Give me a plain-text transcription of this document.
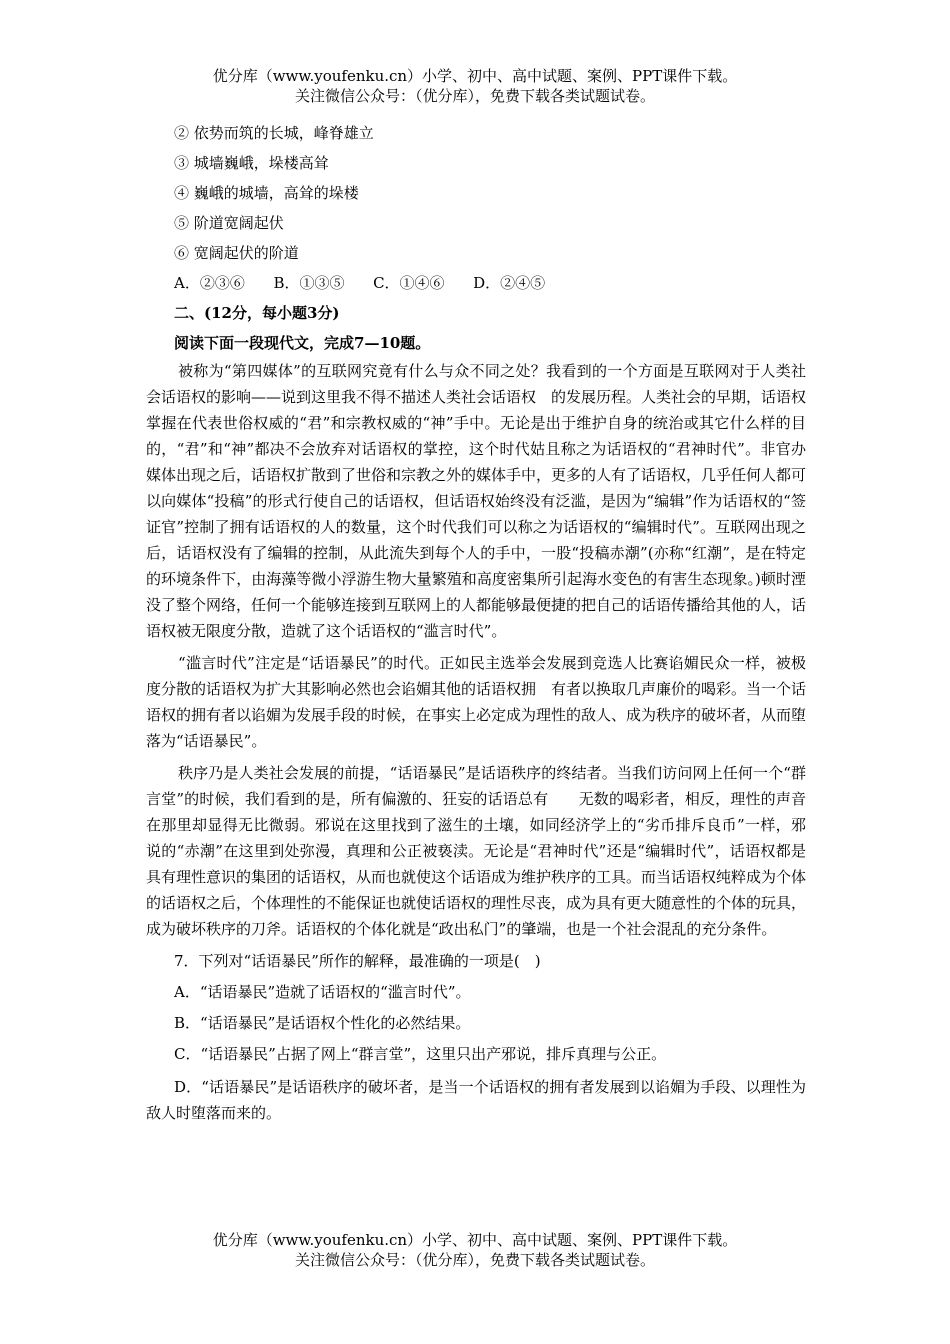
优分库（www.youfenku.cn）小学、初中、高中试题、案例、PPT课件下载。
关注微信公众号：（优分库），免费下载各类试题试卷。
② 依势而筑的长城，峰脊雄立
③ 城墙巍峨，垛楼高耸
④ 巍峨的城墙，高耸的垛楼
⑤ 阶道宽阔起伏
⑥ 宽阔起伏的阶道
A．②③⑥      B．①③⑤      C．①④⑥      D．②④⑤
二、(12分，每小题3分)
阅读下面一段现代文，完成7—10题。

被称为“第四媒体”的互联网究竟有什么与众不同之处？我看到的一个方面是互联网对于人类社会话语权的影响——说到这里我不得不描述人类社会话语权　的发展历程。人类社会的早期，话语权掌握在代表世俗权威的“君”和宗教权威的“神”手中。无论是出于维护自身的统治或其它什么样的目的，“君”和“神”都决不会放弃对话语权的掌控，这个时代姑且称之为话语权的“君神时代”。非官办媒体出现之后，话语权扩散到了世俗和宗教之外的媒体手中，更多的人有了话语权，几乎任何人都可以向媒体“投稿”的形式行使自己的话语权，但话语权始终没有泛滥，是因为“编辑”作为话语权的“签证官”控制了拥有话语权的人的数量，这个时代我们可以称之为话语权的“编辑时代”。互联网出现之后，话语权没有了编辑的控制，从此流失到每个人的手中，一股“投稿赤潮”(亦称“红潮”，是在特定的环境条件下，由海藻等微小浮游生物大量繁殖和高度密集所引起海水变色的有害生态现象。)顿时湮没了整个网络，任何一个能够连接到互联网上的人都能够最便捷的把自己的话语传播给其他的人，话语权被无限度分散，造就了这个话语权的“滥言时代”。

“滥言时代”注定是“话语暴民”的时代。正如民主选举会发展到竞选人比赛谄媚民众一样，被极度分散的话语权为扩大其影响必然也会谄媚其他的话语权拥　有者以换取几声廉价的喝彩。当一个话语权的拥有者以谄媚为发展手段的时候，在事实上必定成为理性的敌人、成为秩序的破坏者，从而堕落为“话语暴民”。

秩序乃是人类社会发展的前提，“话语暴民”是话语秩序的终结者。当我们访问网上任何一个“群言堂”的时候，我们看到的是，所有偏激的、狂妄的话语总有　　无数的喝彩者，相反，理性的声音在那里却显得无比微弱。邪说在这里找到了滋生的土壤，如同经济学上的“劣币排斥良币”一样，邪说的“赤潮”在这里到处弥漫，真理和公正被亵渎。无论是“君神时代”还是“编辑时代”，话语权都是具有理性意识的集团的话语权，从而也就使这个话语成为维护秩序的工具。而当话语权纯粹成为个体的话语权之后，个体理性的不能保证也就使话语权的理性尽丧，成为具有更大随意性的个体的玩具，成为破坏秩序的刀斧。话语权的个体化就是“政出私门”的肇端，也是一个社会混乱的充分条件。

7．下列对“话语暴民”所作的解释，最准确的一项是(　)
A．“话语暴民”造就了话语权的“滥言时代”。
B．“话语暴民”是话语权个性化的必然结果。
C．“话语暴民”占据了网上“群言堂”，这里只出产邪说，排斥真理与公正。
D．“话语暴民”是话语秩序的破坏者，是当一个话语权的拥有者发展到以谄媚为手段、以理性为敌人时堕落而来的。
优分库（www.youfenku.cn）小学、初中、高中试题、案例、PPT课件下载。
关注微信公众号：（优分库），免费下载各类试题试卷。
